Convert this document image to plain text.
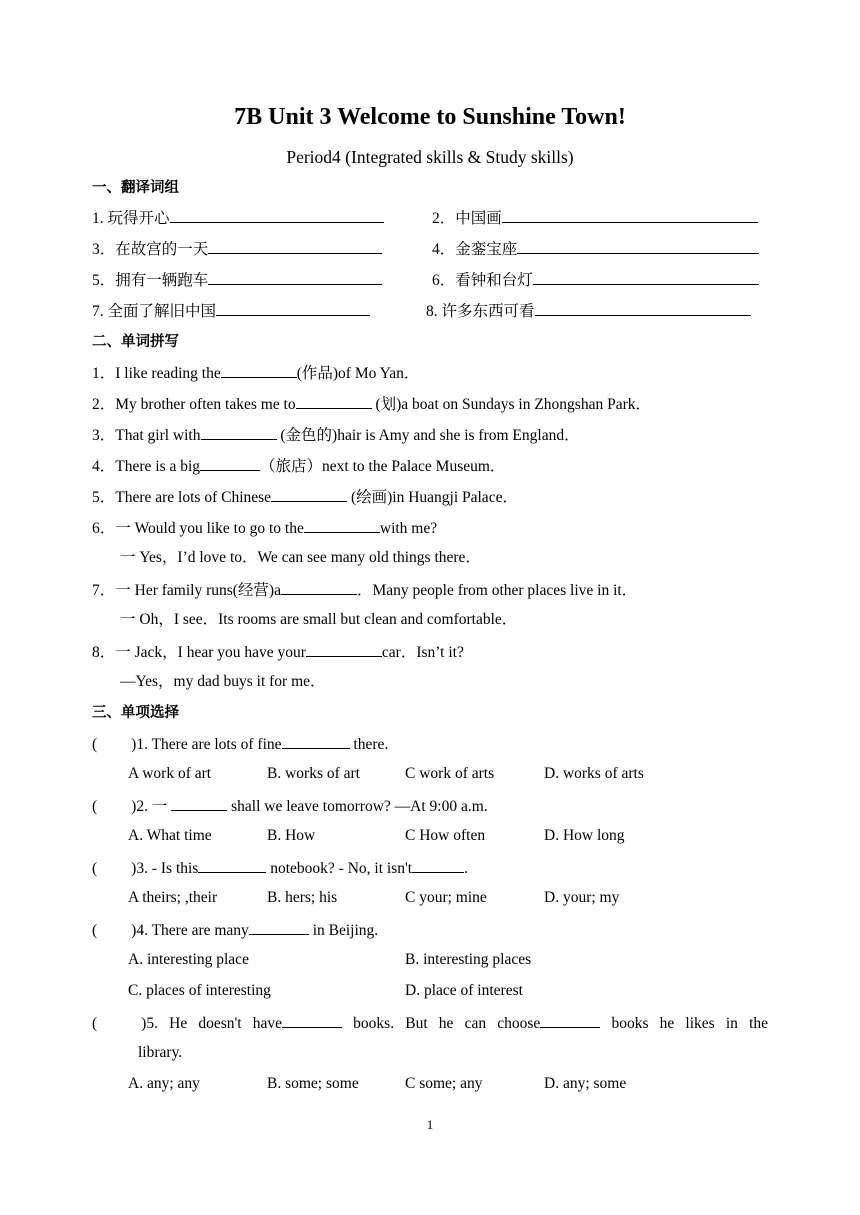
7B Unit 3 Welcome to Sunshine Town!
Period4 (Integrated skills & Study skills)
一、翻译词组
1. 玩得开心	2．中国画
3．在故宫的一天	4．金銮宝座
5．拥有一辆跑车	6．看钟和台灯
7. 全面了解旧中国	8. 许多东西可看
二、单词拼写
1．I like reading the	(作品)of Mo Yan．
2．My brother often takes me to	(划)a boat on Sundays in Zhongshan Park．
3．That girl with	(金色的)hair is Amy and she is from England．
4．There is a big	（旅店）next to the Palace Museum．
5．There are lots of Chinese	(绘画)in Huangji Palace．
6．一 Would you like to go to the	with me?
一 Yes，I’d love to．We can see many old things there．
7．一 Her family runs(经营)a	．Many people from other places live in it．
一 Oh，I see．Its rooms are small but clean and comfortable．
8．一 Jack，I hear you have your	car．Isn’t it?
—Yes，my dad buys it for me．
三、单项选择
( )1. There are lots of fine	there.
A work of art	B. works of art	C work of arts	D. works of arts
( )2. 一	shall we leave tomorrow? —At 9:00 a.m.
A. What time	B. How	C How often	D. How long
( )3. - Is this	notebook? - No, it isn't	.
A theirs; ,their	B. hers; his	C your; mine	D. your; my
( )4. There are many	in Beijing.
A. interesting place	B. interesting places
C. places of interesting	D. place of interest
(	)5. He doesn't have	books. But he can choose	books he likes in the
library.
A. any; any	B. some; some	C some; any	D. any; some
1
